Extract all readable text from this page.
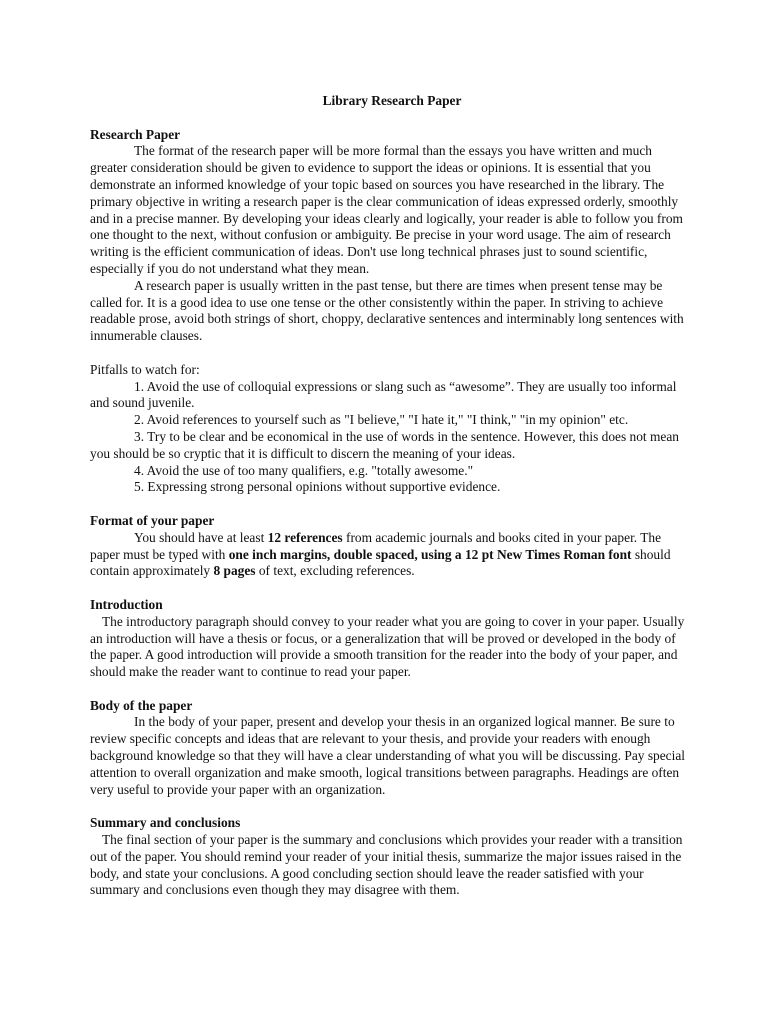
Library Research Paper

Research Paper

The format of the research paper will be more formal than the essays you have written and much greater consideration should be given to evidence to support the ideas or opinions. It is essential that you demonstrate an informed knowledge of your topic based on sources you have researched in the library. The primary objective in writing a research paper is the clear communication of ideas expressed orderly, smoothly and in a precise manner. By developing your ideas clearly and logically, your reader is able to follow you from one thought to the next, without confusion or ambiguity. Be precise in your word usage. The aim of research writing is the efficient communication of ideas. Don't use long technical phrases just to sound scientific, especially if you do not understand what they mean.

A research paper is usually written in the past tense, but there are times when present tense may be called for. It is a good idea to use one tense or the other consistently within the paper. In striving to achieve readable prose, avoid both strings of short, choppy, declarative sentences and interminably long sentences with innumerable clauses.

Pitfalls to watch for:

1. Avoid the use of colloquial expressions or slang such as “awesome”. They are usually too informal and sound juvenile.

2. Avoid references to yourself such as "I believe," "I hate it," "I think," "in my opinion" etc.

3. Try to be clear and be economical in the use of words in the sentence. However, this does not mean you should be so cryptic that it is difficult to discern the meaning of your ideas.

4. Avoid the use of too many qualifiers, e.g. "totally awesome."

5. Expressing strong personal opinions without supportive evidence.

Format of your paper

You should have at least 12 references from academic journals and books cited in your paper. The paper must be typed with one inch margins, double spaced, using a 12 pt New Times Roman font should contain approximately 8 pages of text, excluding references.

Introduction

The introductory paragraph should convey to your reader what you are going to cover in your paper. Usually an introduction will have a thesis or focus, or a generalization that will be proved or developed in the body of the paper. A good introduction will provide a smooth transition for the reader into the body of your paper, and should make the reader want to continue to read your paper.

Body of the paper

In the body of your paper, present and develop your thesis in an organized logical manner. Be sure to review specific concepts and ideas that are relevant to your thesis, and provide your readers with enough background knowledge so that they will have a clear understanding of what you will be discussing. Pay special attention to overall organization and make smooth, logical transitions between paragraphs. Headings are often very useful to provide your paper with an organization.

Summary and conclusions

The final section of your paper is the summary and conclusions which provides your reader with a transition out of the paper. You should remind your reader of your initial thesis, summarize the major issues raised in the body, and state your conclusions. A good concluding section should leave the reader satisfied with your summary and conclusions even though they may disagree with them.
